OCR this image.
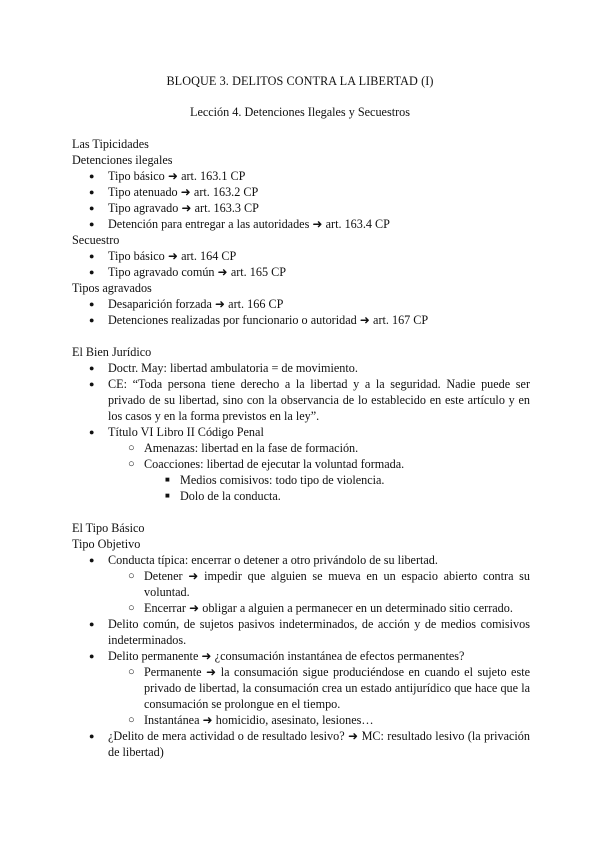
BLOQUE 3. DELITOS CONTRA LA LIBERTAD (I)
Lección 4. Detenciones Ilegales y Secuestros

Las Tipicidades

Detenciones ilegales

● Tipo básico ➜ art. 163.1 CP
● Tipo atenuado ➜ art. 163.2 CP
● Tipo agravado ➜ art. 163.3 CP
● Detención para entregar a las autoridades ➜ art. 163.4 CP

Secuestro

● Tipo básico ➜ art. 164 CP
● Tipo agravado común ➜ art. 165 CP

Tipos agravados

● Desaparición forzada ➜ art. 166 CP
● Detenciones realizadas por funcionario o autoridad ➜ art. 167 CP

El Bien Jurídico

● Doctr. May: libertad ambulatoria = de movimiento.
● CE: “Toda persona tiene derecho a la libertad y a la seguridad. Nadie puede ser privado de su libertad, sino con la observancia de lo establecido en este artículo y en los casos y en la forma previstos en la ley”.
● Título VI Libro II Código Penal
○ Amenazas: libertad en la fase de formación.
○ Coacciones: libertad de ejecutar la voluntad formada.
■ Medios comisivos: todo tipo de violencia.
■ Dolo de la conducta.

El Tipo Básico

Tipo Objetivo

● Conducta típica: encerrar o detener a otro privándolo de su libertad.
○ Detener ➜ impedir que alguien se mueva en un espacio abierto contra su voluntad.
○ Encerrar ➜ obligar a alguien a permanecer en un determinado sitio cerrado.
● Delito común, de sujetos pasivos indeterminados, de acción y de medios comisivos indeterminados.
● Delito permanente ➜ ¿consumación instantánea de efectos permanentes?
○ Permanente ➜ la consumación sigue produciéndose en cuando el sujeto este privado de libertad, la consumación crea un estado antijurídico que hace que la consumación se prolongue en el tiempo.
○ Instantánea ➜ homicidio, asesinato, lesiones…
● ¿Delito de mera actividad o de resultado lesivo? ➜ MC: resultado lesivo (la privación de libertad)
